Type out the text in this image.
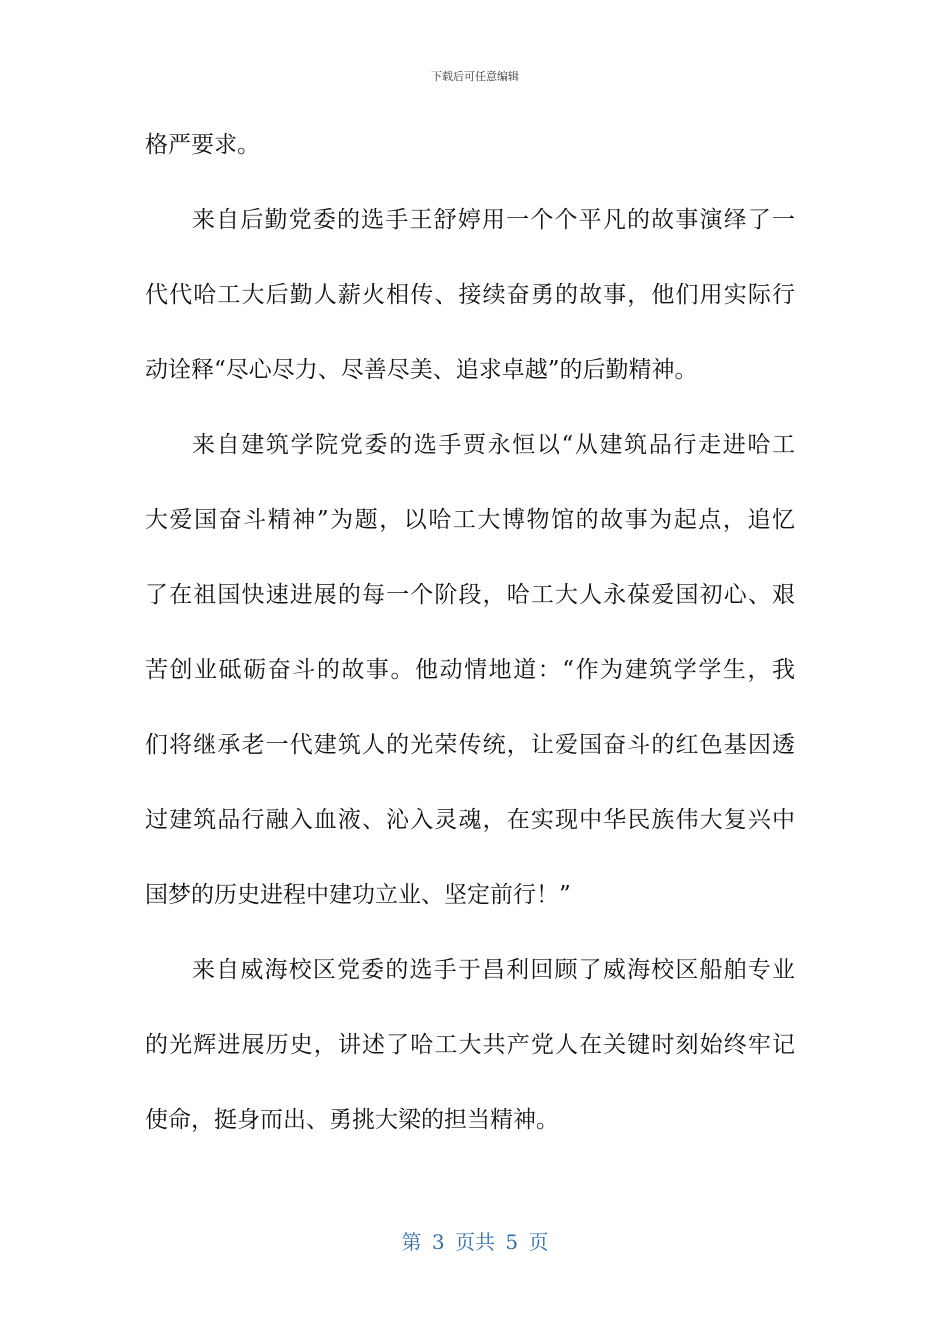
下载后可任意编辑
格严要求。
来自后勤党委的选手王舒婷用一个个平凡的故事演绎了一
代代哈工大后勤人薪火相传、接续奋勇的故事，他们用实际行
动诠释“尽心尽力、尽善尽美、追求卓越”的后勤精神。
来自建筑学院党委的选手贾永恒以“从建筑品行走进哈工
大爱国奋斗精神”为题，以哈工大博物馆的故事为起点，追忆
了在祖国快速进展的每一个阶段，哈工大人永葆爱国初心、艰
苦创业砥砺奋斗的故事。他动情地道：“作为建筑学学生，我
们将继承老一代建筑人的光荣传统，让爱国奋斗的红色基因透
过建筑品行融入血液、沁入灵魂，在实现中华民族伟大复兴中
国梦的历史进程中建功立业、坚定前行！”
来自威海校区党委的选手于昌利回顾了威海校区船舶专业
的光辉进展历史，讲述了哈工大共产党人在关键时刻始终牢记
使命，挺身而出、勇挑大梁的担当精神。
第 3 页共 5 页
